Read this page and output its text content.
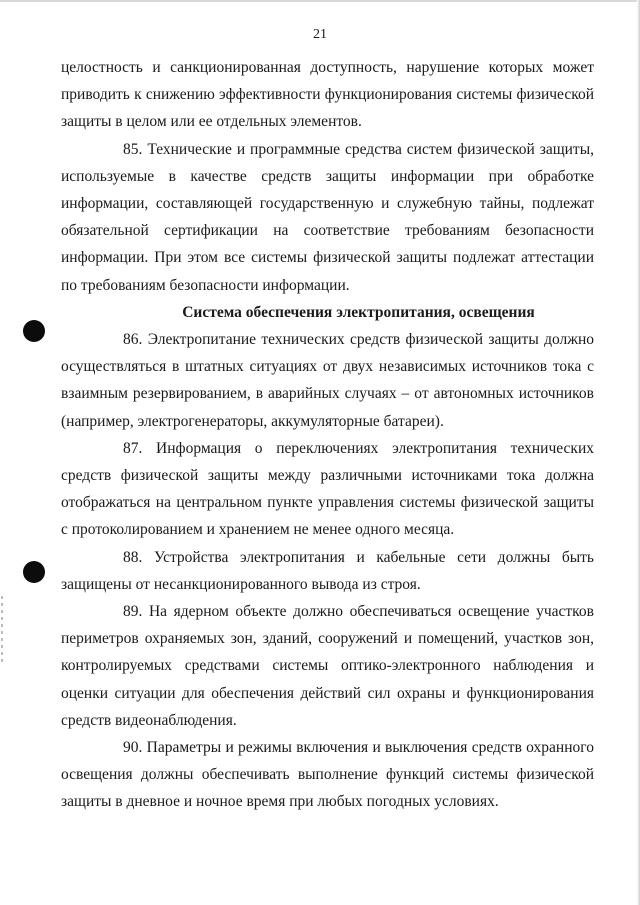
21

целостность и санкционированная доступность, нарушение которых может приводить к снижению эффективности функционирования системы физической защиты в целом или ее отдельных элементов.

85. Технические и программные средства систем физической защиты, используемые в качестве средств защиты информации при обработке информации, составляющей государственную и служебную тайны, подлежат обязательной сертификации на соответствие требованиям безопасности информации. При этом все системы физической защиты подлежат аттестации по требованиям безопасности информации.

Система обеспечения электропитания, освещения

86. Электропитание технических средств физической защиты должно осуществляться в штатных ситуациях от двух независимых источников тока с взаимным резервированием, в аварийных случаях – от автономных источников (например, электрогенераторы, аккумуляторные батареи).

87. Информация о переключениях электропитания технических средств физической защиты между различными источниками тока должна отображаться на центральном пункте управления системы физической защиты с протоколированием и хранением не менее одного месяца.

88. Устройства электропитания и кабельные сети должны быть защищены от несанкционированного вывода из строя.

89. На ядерном объекте должно обеспечиваться освещение участков периметров охраняемых зон, зданий, сооружений и помещений, участков зон, контролируемых средствами системы оптико-электронного наблюдения и оценки ситуации для обеспечения действий сил охраны и функционирования средств видеонаблюдения.

90. Параметры и режимы включения и выключения средств охранного освещения должны обеспечивать выполнение функций системы физической защиты в дневное и ночное время при любых погодных условиях.
